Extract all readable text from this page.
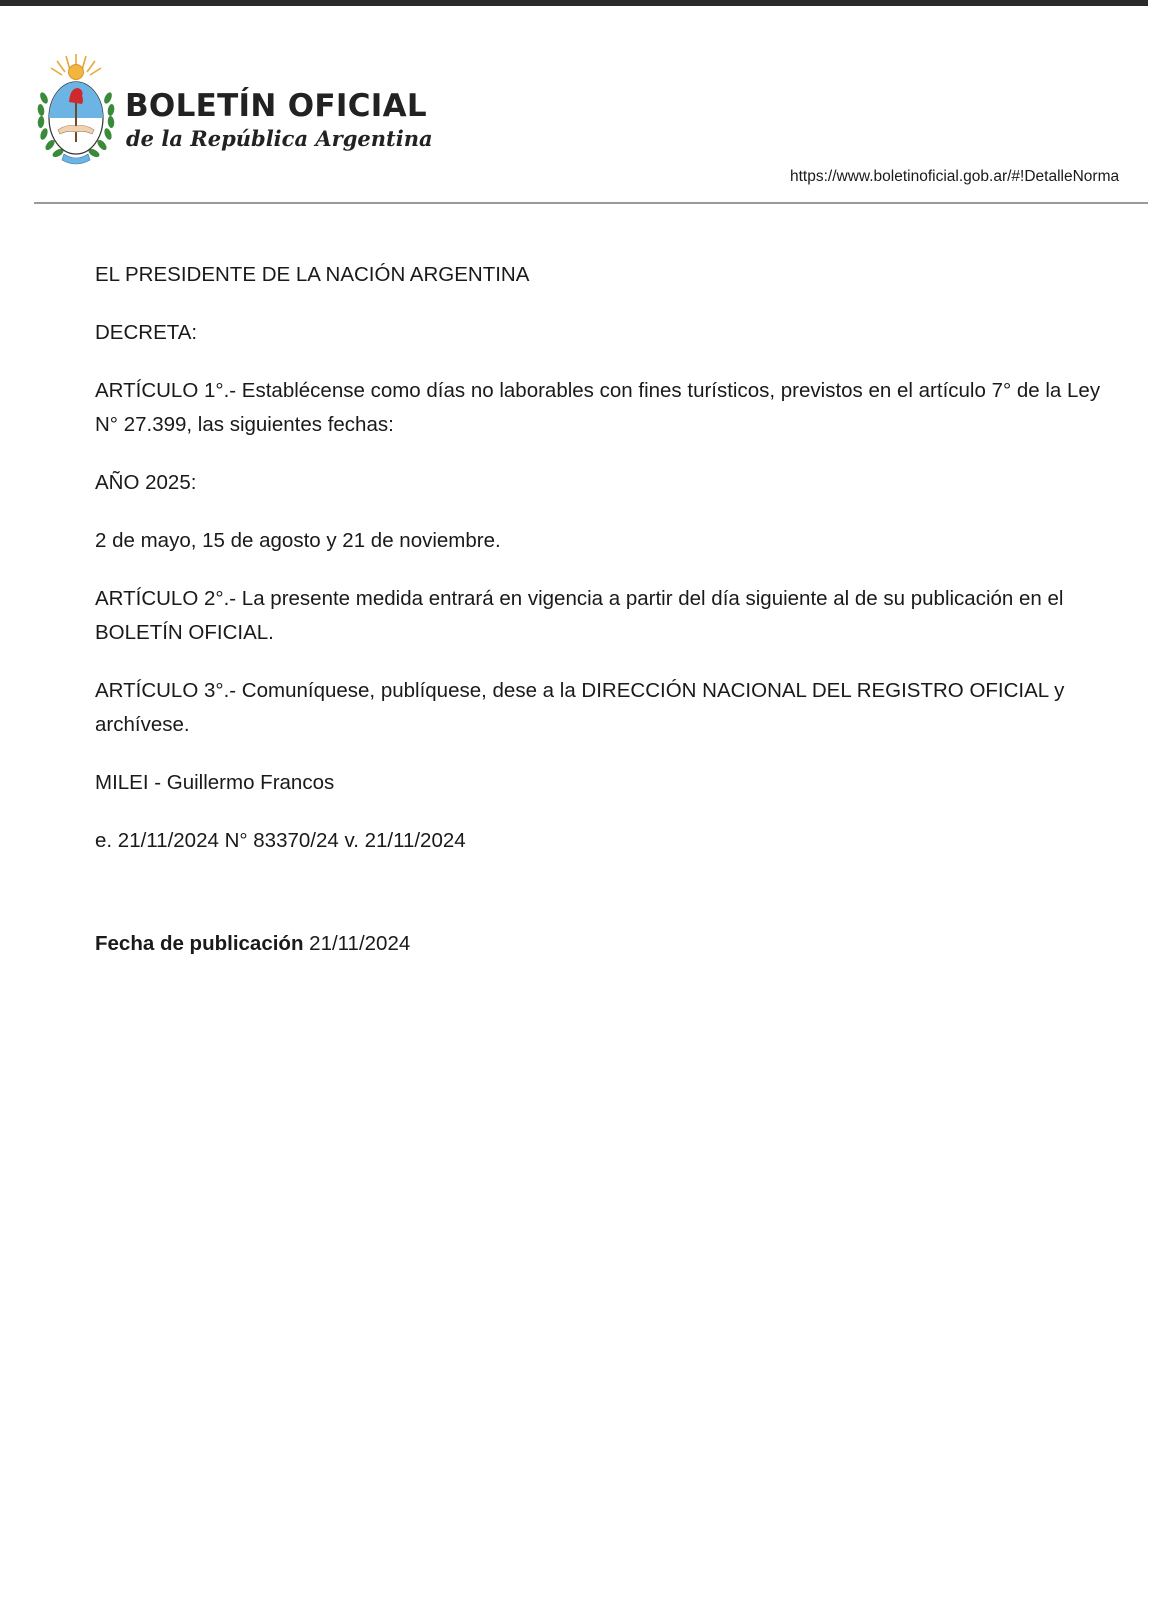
BOLETÍN OFICIAL
de la República Argentina
https://www.boletinoficial.gob.ar/#!DetalleNorma

EL PRESIDENTE DE LA NACIÓN ARGENTINA

DECRETA:

ARTÍCULO 1°.- Establécense como días no laborables con fines turísticos, previstos en el artículo 7° de la Ley
N° 27.399, las siguientes fechas:

AÑO 2025:

2 de mayo, 15 de agosto y 21 de noviembre.

ARTÍCULO 2°.- La presente medida entrará en vigencia a partir del día siguiente al de su publicación en el
BOLETÍN OFICIAL.

ARTÍCULO 3°.- Comuníquese, publíquese, dese a la DIRECCIÓN NACIONAL DEL REGISTRO OFICIAL y
archívese.

MILEI - Guillermo Francos

e. 21/11/2024 N° 83370/24 v. 21/11/2024

Fecha de publicación 21/11/2024
